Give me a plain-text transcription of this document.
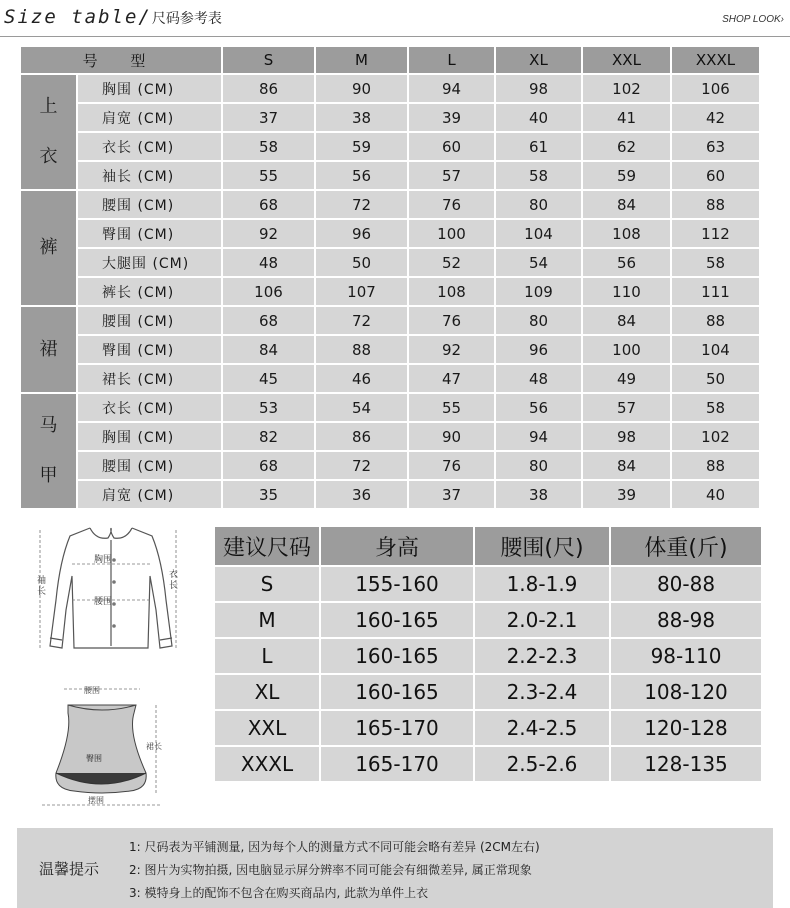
Size table/尺码参考表	SHOP LOOK›
号 型		S	M	L	XL	XXL	XXXL
上衣	胸围 (CM)	86	90	94	98	102	106
	肩宽 (CM)	37	38	39	40	41	42
	衣长 (CM)	58	59	60	61	62	63
	袖长 (CM)	55	56	57	58	59	60
裤	腰围 (CM)	68	72	76	80	84	88
	臀围 (CM)	92	96	100	104	108	112
	大腿围 (CM)	48	50	52	54	56	58
	裤长 (CM)	106	107	108	109	110	111
裙	腰围 (CM)	68	72	76	80	84	88
	臀围 (CM)	84	88	92	96	100	104
	裙长 (CM)	45	46	47	48	49	50
马甲	衣长 (CM)	53	54	55	56	57	58
	胸围 (CM)	82	86	90	94	98	102
	腰围 (CM)	68	72	76	80	84	88
	肩宽 (CM)	35	36	37	38	39	40
胸围
腰围
袖长
衣长
腰围
臀围
裙长
摆围
建议尺码	身高	腰围(尺)	体重(斤)
S	155-160	1.8-1.9	80-88
M	160-165	2.0-2.1	88-98
L	160-165	2.2-2.3	98-110
XL	160-165	2.3-2.4	108-120
XXL	165-170	2.4-2.5	120-128
XXXL	165-170	2.5-2.6	128-135
温馨提示
1: 尺码表为平铺测量, 因为每个人的测量方式不同可能会略有差异 (2CM左右)
2: 图片为实物拍摄, 因电脑显示屏分辨率不同可能会有细微差异, 属正常现象
3: 模特身上的配饰不包含在购买商品内, 此款为单件上衣
